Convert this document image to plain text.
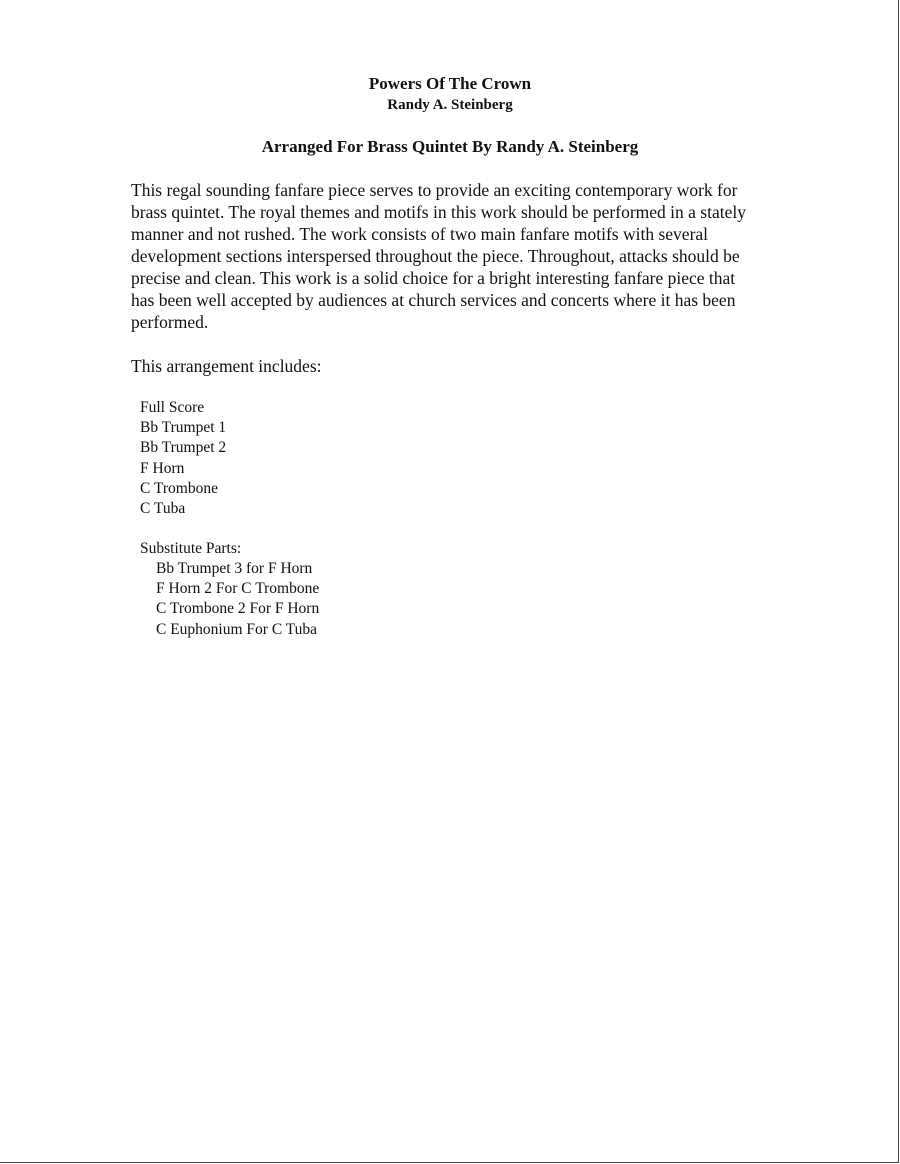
Powers Of The Crown
Randy A. Steinberg
Arranged For Brass Quintet By Randy A. Steinberg

This regal sounding fanfare piece serves to provide an exciting contemporary work for brass quintet. The royal themes and motifs in this work should be performed in a stately manner and not rushed. The work consists of two main fanfare motifs with several development sections interspersed throughout the piece. Throughout, attacks should be precise and clean. This work is a solid choice for a bright interesting fanfare piece that has been well accepted by audiences at church services and concerts where it has been performed.

This arrangement includes:
Full Score
Bb Trumpet 1
Bb Trumpet 2
F Horn
C Trombone
C Tuba
Substitute Parts:
Bb Trumpet 3 for F Horn
F Horn 2 For C Trombone
C Trombone 2 For F Horn
C Euphonium For C Tuba
